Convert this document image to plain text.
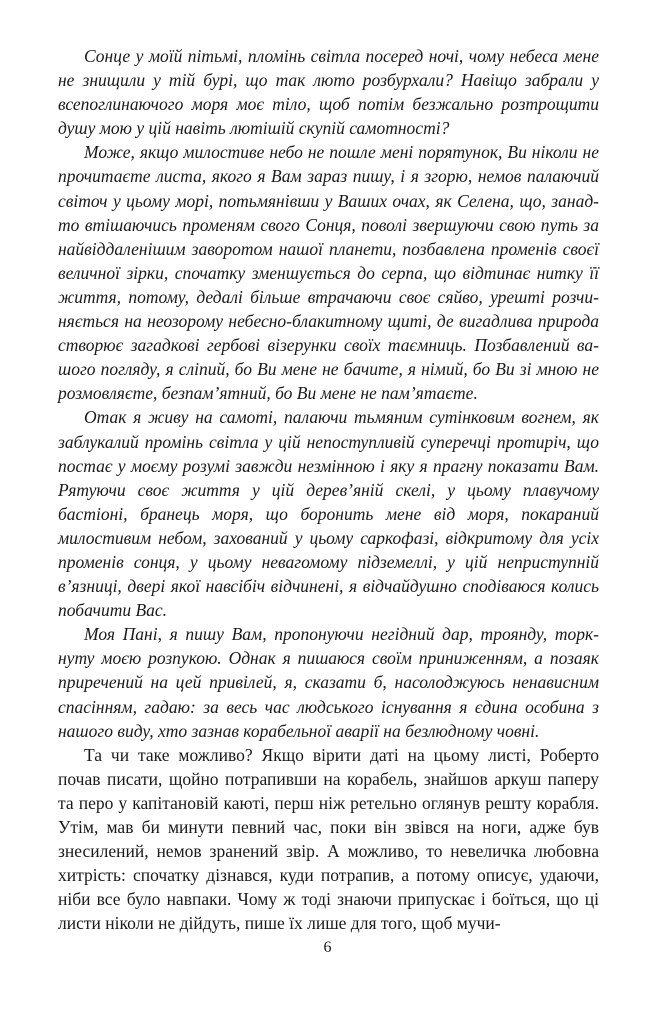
Сонце у моїй пітьмі, пломінь світла посеред ночі, чому небеса мене не знищили у тій бурі, що так люто розбурхали? Навіщо забрали у всепоглинаючого моря моє тіло, щоб потім безжально розтрощити душу мою у цій навіть лютішій скупій самотності?

Може, якщо милостиве небо не пошле мені порятунок, Ви ніколи не прочитаєте листа, якого я Вам зараз пишу, і я згорю, немов палаючий світоч у цьому морі, потьмянівши у Ваших очах, як Селена, що, занадто втішаючись променям свого Сонця, поволі звершуючи свою путь за найвіддаленішим завоpотом нашої планети, позбавлена променів своєї величної зірки, спочатку зменшується до серпа, що відтинає нитку її життя, потому, дедалі більше втрачаючи своє сяйво, урешті розчиняється на неозорому небесно-блакитному щиті, де вигадлива природа створює загадкові гербові візерунки своїх таємниць. Позбавлений вашого погляду, я сліпий, бо Ви мене не бачите, я німий, бо Ви зі мною не розмовляєте, безпам’ятний, бо Ви мене не пам’ятаєте.

Отак я живу на самоті, палаючи тьмяним сутінковим вогнем, як заблукалий промінь світла у цій непоступливій суперечці протиріч, що постає у моєму розумі завжди незмінною і яку я прагну показати Вам. Рятуючи своє життя у цій дерев’яній скелі, у цьому плавучому бастіоні, бранець моря, що боронить мене від моря, покараний милостивим небом, захований у цьому саркофазі, відкритому для усіх променів сонця, у цьому невагомому підземеллі, у цій неприступній в’язниці, двері якої навсібіч відчинені, я відчайдушно сподіваюся колись побачити Вас.

Моя Пані, я пишу Вам, пропонуючи негідний дар, троянду, торкнуту моєю розпукою. Однак я пишаюся своїм приниженням, а позаяк приречений на цей привілей, я, сказати б, насолоджуюсь ненависним спасінням, гадаю: за весь час людського існування я єдина особина з нашого виду, хто зазнав корабельної аварії на безлюдному човні.

Та чи таке можливо? Якщо вірити даті на цьому листі, Роберто почав писати, щойно потрапивши на корабель, знайшов аркуш паперу та перо у капітановій каюті, перш ніж ретельно оглянув решту корабля. Утім, мав би минути певний час, поки він звівся на ноги, адже був знесилений, немов зранений звір. А можливо, то невеличка любовна хитрість: спочатку дізнався, куди потрапив, а потому описує, удаючи, ніби все було навпаки. Чому ж тоді знаючи припускає і боїться, що ці листи ніколи не дійдуть, пише їх лише для того, щоб мучи-

6
